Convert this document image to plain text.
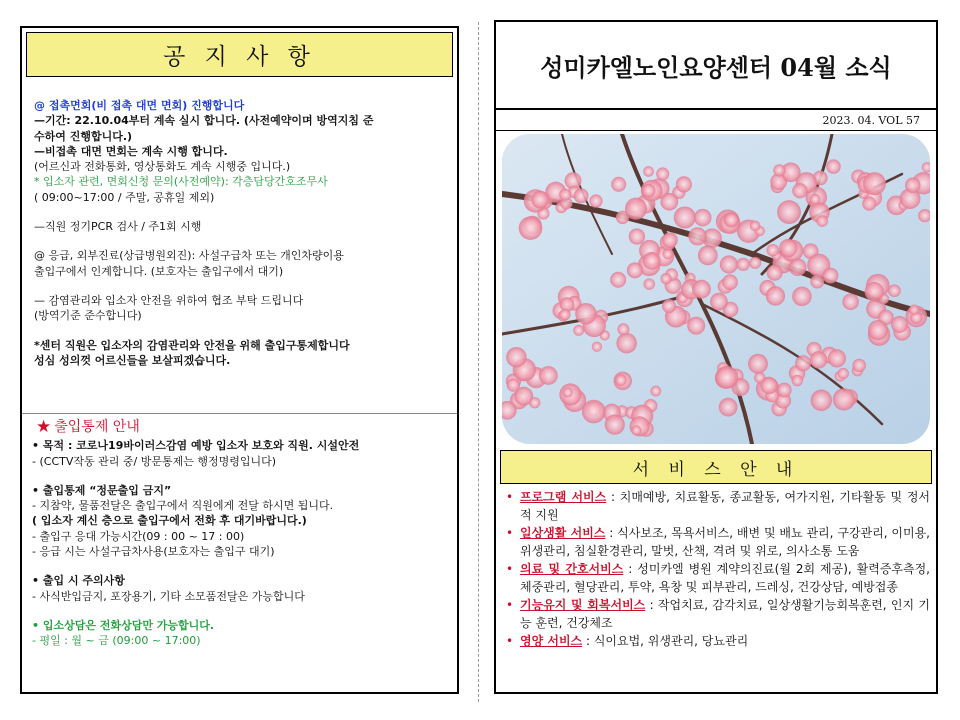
공 지 사 항
@ 접촉면회(비 접촉 대면 면회) 진행합니다
—기간: 22.10.04부터 계속 실시 합니다. (사전예약이며 방역지침 준
수하여 진행합니다.)
—비접촉 대면 면회는 계속 시행 합니다.
(어르신과 전화통화, 영상통화도 계속 시행중 입니다.)
* 입소자 관련, 면회신청 문의(사전예약): 각층담당간호조무사
( 09:00~17:00 / 주말, 공휴일 제외)
—직원 정기PCR 검사 / 주1회 시행
@ 응급, 외부진료(상급병원외진): 사설구급차 또는 개인차량이용
출입구에서 인계합니다. (보호자는 출입구에서 대기)
— 감염관리와 입소자 안전을 위하여 협조 부탁 드립니다
(방역기준 준수합니다)
*센터 직원은 입소자의 감염관리와 안전을 위해 출입구통제합니다
성심 성의껏 어르신들을 보살피겠습니다.
★ 출입통제 안내
• 목적 : 코로나19바이러스감염 예방 입소자 보호와 직원. 시설안전
- (CCTV작동 관리 중/ 방문통제는 행정명령입니다)
• 출입통제 “정문출입 금지”
- 지참약, 물품전달은 출입구에서 직원에게 전달 하시면 됩니다.
( 입소자 계신 층으로 출입구에서 전화 후 대기바랍니다.)
- 출입구 응대 가능시간(09 : 00 ~ 17 : 00)
- 응급 시는 사설구급차사용(보호자는 출입구 대기)
• 출입 시 주의사항
- 사식반입금지, 포장용기, 기타 소모품전달은 가능합니다
• 입소상담은 전화상담만 가능합니다.
- 평일 : 월 ~ 금 (09:00 ~ 17:00)
성미카엘노인요양센터 04월 소식
2023. 04. VOL 57
서 비 스 안 내
• 프로그램 서비스 : 치매예방, 치료활동, 종교활동, 여가지원, 기타활동 및 정서적 지원
• 일상생활 서비스 : 식사보조, 목욕서비스, 배변 및 배뇨 관리, 구강관리, 이미용, 위생관리, 침실환경관리, 말벗, 산책, 격려 및 위로, 의사소통 도움
• 의료 및 간호서비스 : 성미카엘 병원 계약의진료(월 2회 제공), 활력증후측정, 체중관리, 혈당관리, 투약, 욕창 및 피부관리, 드레싱, 건강상담, 예방접종
• 기능유지 및 회복서비스 : 작업치료, 감각치료, 일상생활기능회복훈련, 인지 기능 훈련, 건강체조
• 영양 서비스 : 식이요법, 위생관리, 당뇨관리
